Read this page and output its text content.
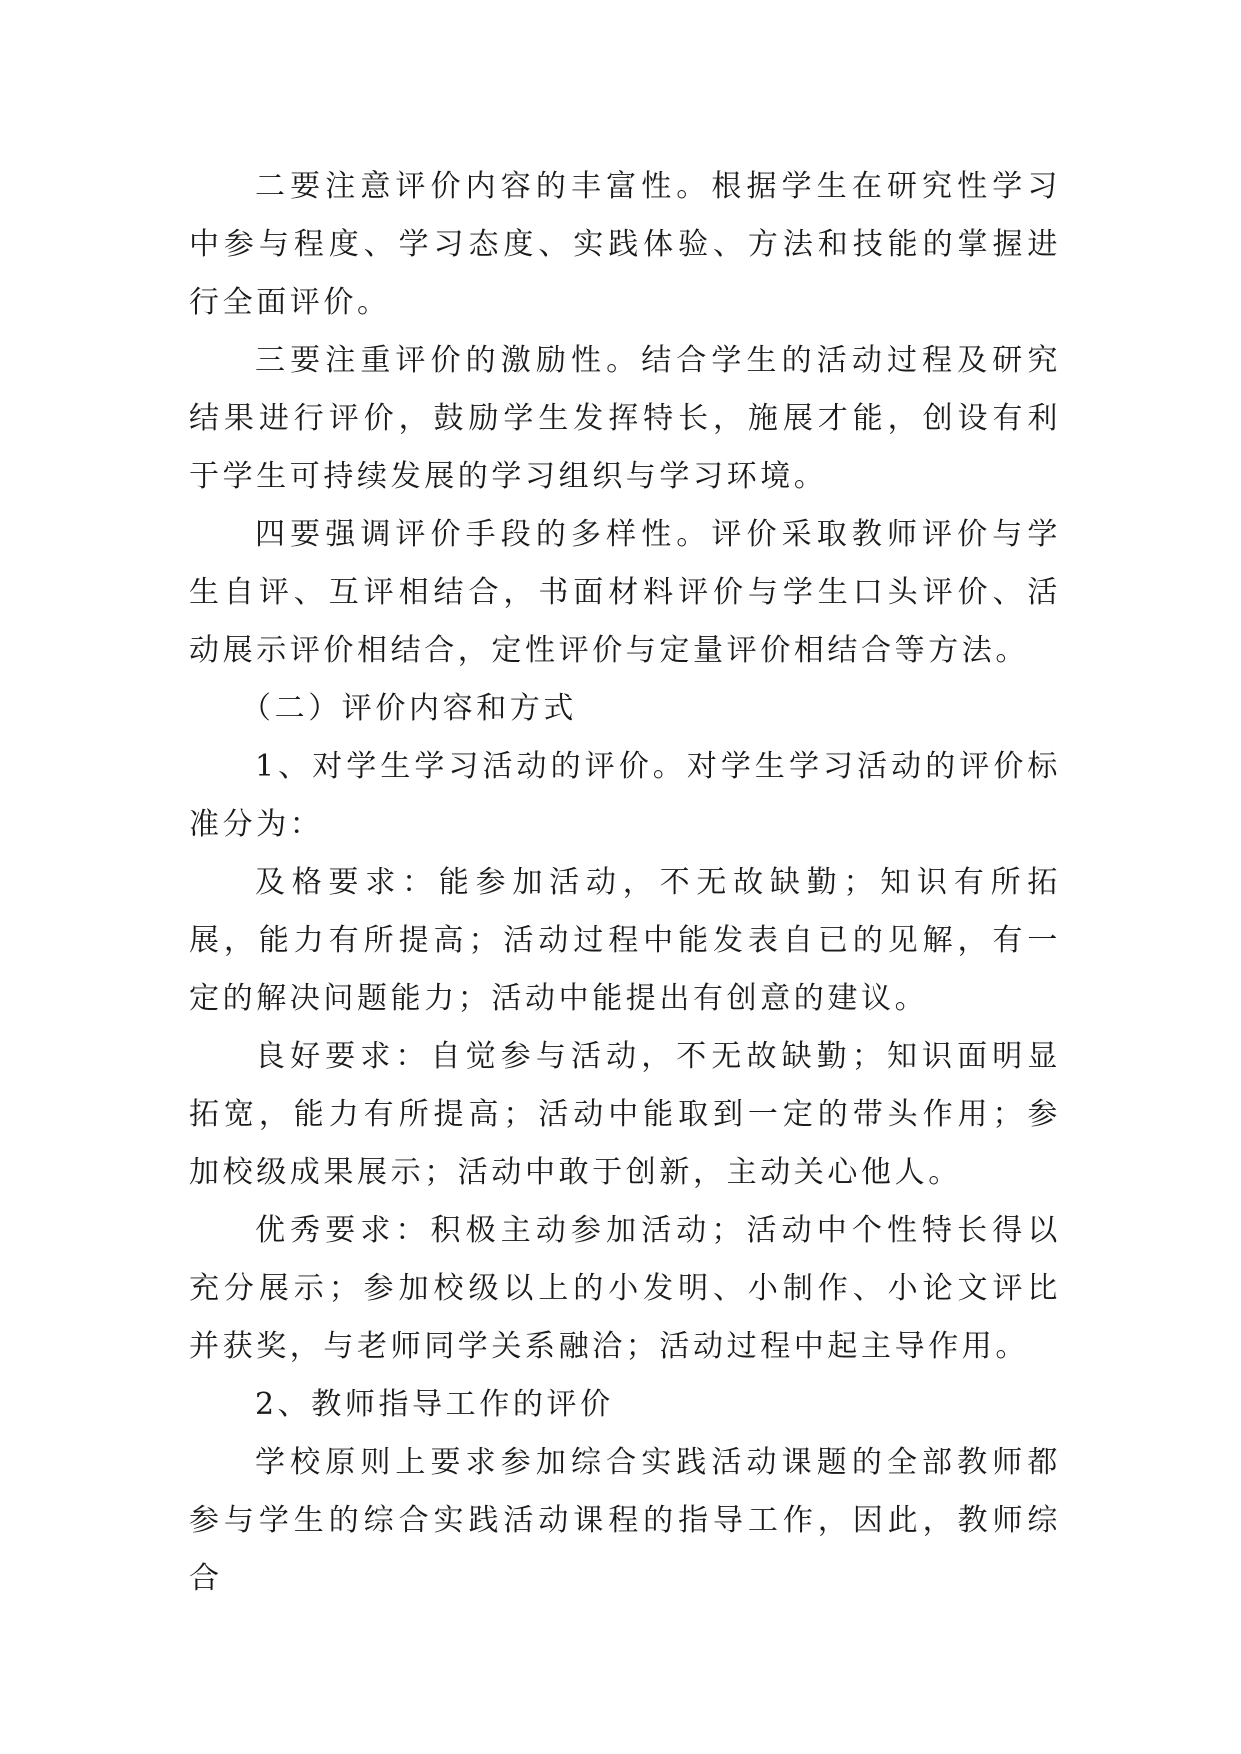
二要注意评价内容的丰富性。根据学生在研究性学习中参与程度、学习态度、实践体验、方法和技能的掌握进行全面评价。

三要注重评价的激励性。结合学生的活动过程及研究结果进行评价，鼓励学生发挥特长，施展才能，创设有利于学生可持续发展的学习组织与学习环境。

四要强调评价手段的多样性。评价采取教师评价与学生自评、互评相结合，书面材料评价与学生口头评价、活动展示评价相结合，定性评价与定量评价相结合等方法。

（二）评价内容和方式

1、对学生学习活动的评价。对学生学习活动的评价标准分为：

及格要求：能参加活动，不无故缺勤；知识有所拓展，能力有所提高；活动过程中能发表自已的见解，有一定的解决问题能力；活动中能提出有创意的建议。

良好要求：自觉参与活动，不无故缺勤；知识面明显拓宽，能力有所提高；活动中能取到一定的带头作用；参加校级成果展示；活动中敢于创新，主动关心他人。

优秀要求：积极主动参加活动；活动中个性特长得以充分展示；参加校级以上的小发明、小制作、小论文评比并获奖，与老师同学关系融洽；活动过程中起主导作用。

2、教师指导工作的评价

学校原则上要求参加综合实践活动课题的全部教师都参与学生的综合实践活动课程的指导工作，因此，教师综合
